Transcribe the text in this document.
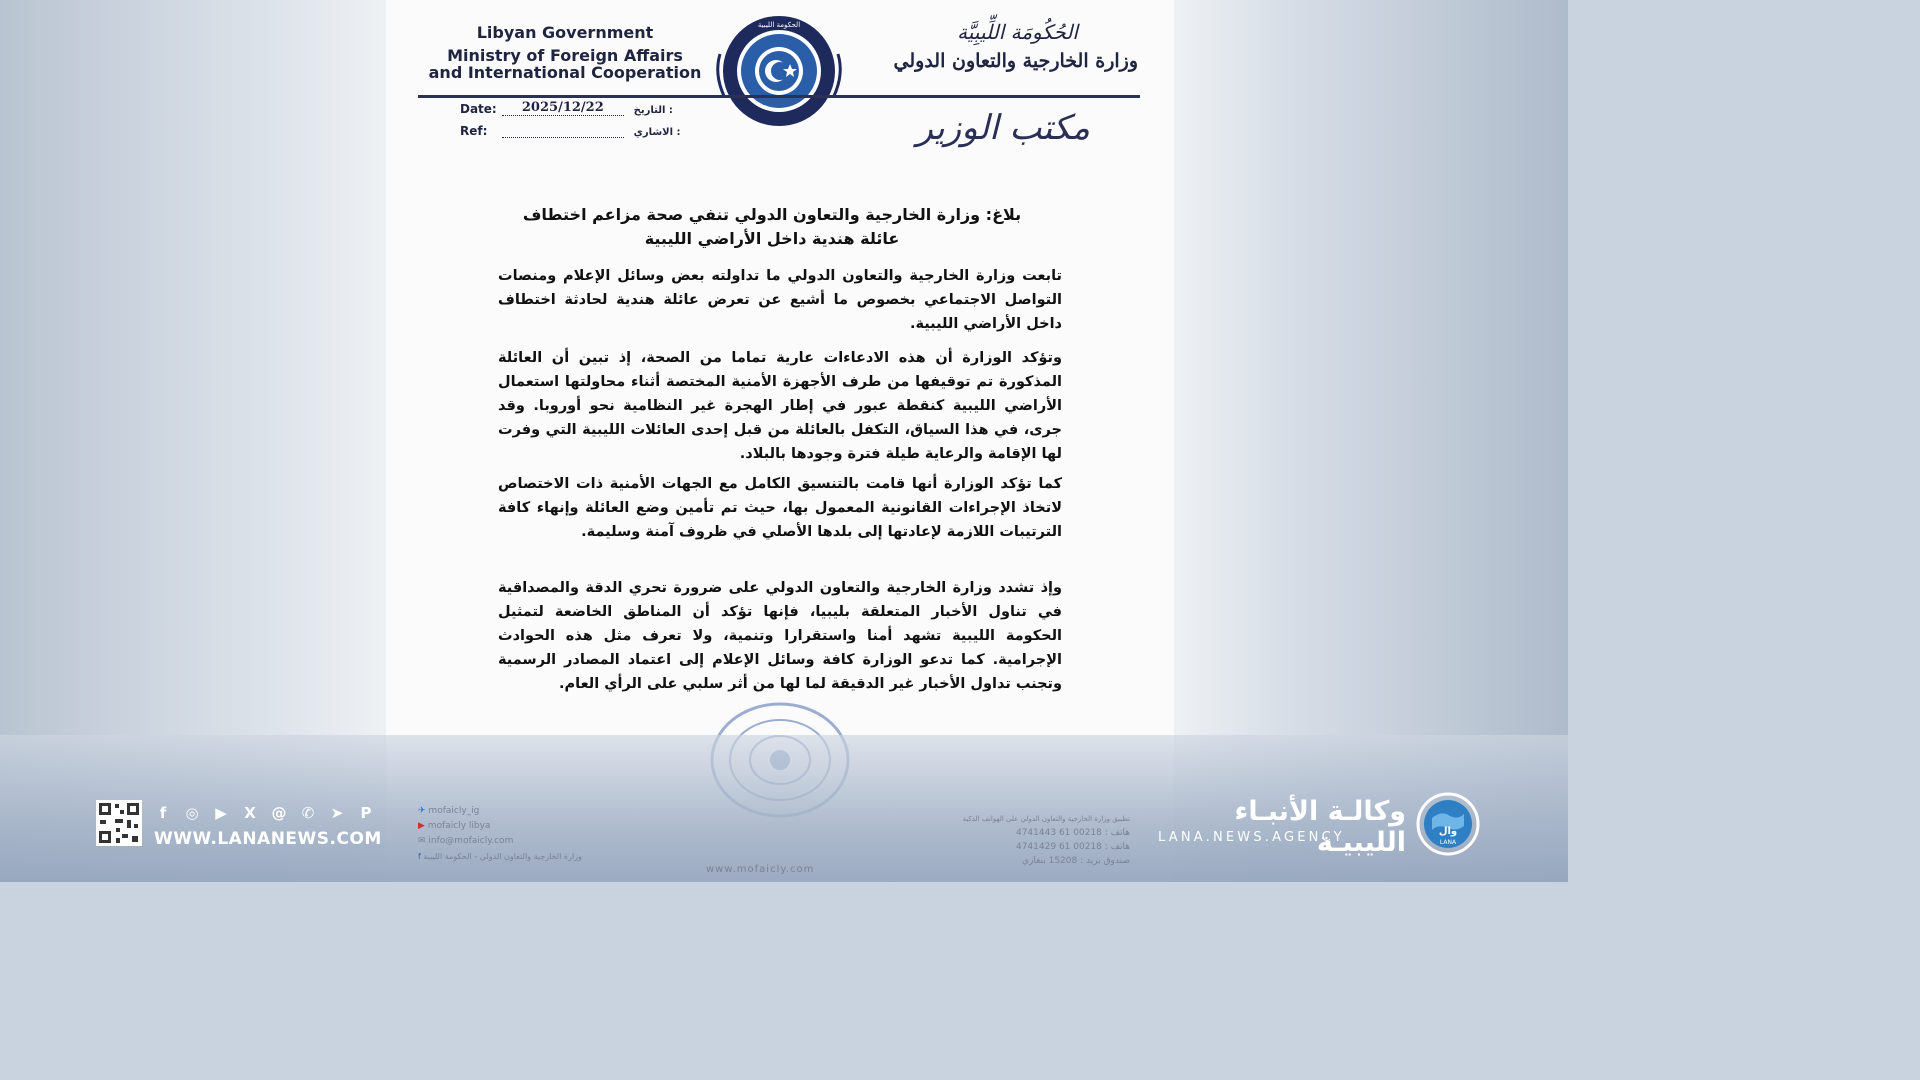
Libyan Government
Ministry of Foreign Affairs
and International Cooperation
الحكومة الليبية	الحُكُومَة اللِّيبِيَّة
وزارة الخارجية والتعاون الدولي
Date: 2025/12/22	التاريخ :
Ref:	الاشاري :	مكتب الوزير
بلاغ: وزارة الخارجية والتعاون الدولي تنفي صحة مزاعم اختطاف
عائلة هندية داخل الأراضي الليبية
تابعت وزارة الخارجية والتعاون الدولي ما تداولته بعض وسائل الإعلام ومنصات التواصل الاجتماعي بخصوص ما أشيع عن تعرض عائلة هندية لحادثة اختطاف داخل الأراضي الليبية.
وتؤكد الوزارة أن هذه الادعاءات عارية تماما من الصحة، إذ تبين أن العائلة المذكورة تم توقيفها من طرف الأجهزة الأمنية المختصة أثناء محاولتها استعمال الأراضي الليبية كنقطة عبور في إطار الهجرة غير النظامية نحو أوروبا. وقد جرى، في هذا السياق، التكفل بالعائلة من قبل إحدى العائلات الليبية التي وفرت لها الإقامة والرعاية طيلة فترة وجودها بالبلاد.
كما تؤكد الوزارة أنها قامت بالتنسيق الكامل مع الجهات الأمنية ذات الاختصاص لاتخاذ الإجراءات القانونية المعمول بها، حيث تم تأمين وضع العائلة وإنهاء كافة الترتيبات اللازمة لإعادتها إلى بلدها الأصلي في ظروف آمنة وسليمة.
وإذ تشدد وزارة الخارجية والتعاون الدولي على ضرورة تحري الدقة والمصداقية في تناول الأخبار المتعلقة بليبيا، فإنها تؤكد أن المناطق الخاضعة لتمثيل الحكومة الليبية تشهد أمنا واستقرارا وتنمية، ولا تعرف مثل هذه الحوادث الإجرامية. كما تدعو الوزارة كافة وسائل الإعلام إلى اعتماد المصادر الرسمية وتجنب تداول الأخبار غير الدقيقة لما لها من أثر سلبي على الرأي العام.
✈ mofaicly_ig
▶ mofaicly libya
✉ info@mofaicly.com
f وزارة الخارجية والتعاون الدولي - الحكومة الليبية
تطبيق وزارة الخارجية والتعاون الدولي على الهواتف الذكية
هاتف : 00218 61 4741443
هاتف : 00218 61 4741429
صندوق بريد : 15208 بنغازي
www.mofaicly.com
f	◎	▶	X	@	✆	➤	P
WWW.LANANEWS.COM
وكالـة الأنبـاء الليبيـة
LANA.NEWS.AGENCY	وال
LANA
